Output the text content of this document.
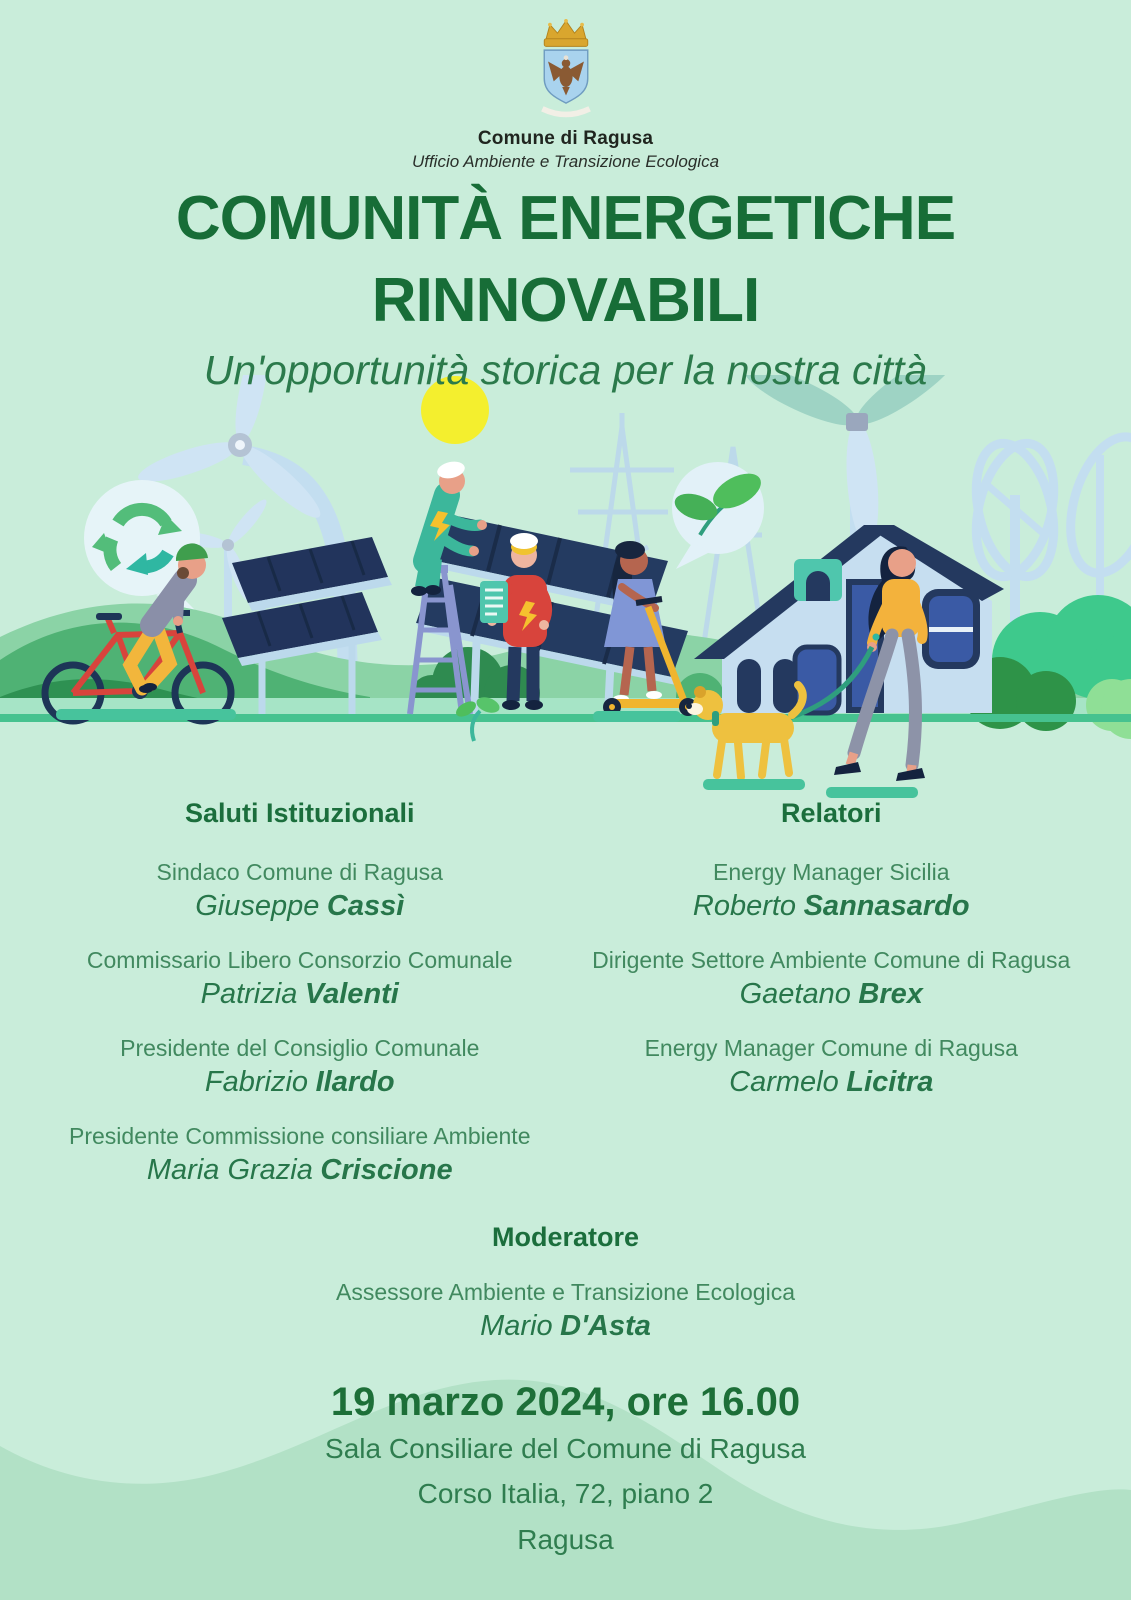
Comune di Ragusa
Ufficio Ambiente e Transizione Ecologica
COMUNITÀ ENERGETICHE
RINNOVABILI
Un'opportunità storica per la nostra città
Saluti Istituzionali
Sindaco Comune di Ragusa
Giuseppe Cassì
Commissario Libero Consorzio Comunale
Patrizia Valenti
Presidente del Consiglio Comunale
Fabrizio Ilardo
Presidente Commissione consiliare Ambiente
Maria Grazia Criscione
Relatori
Energy Manager Sicilia
Roberto Sannasardo
Dirigente Settore Ambiente Comune di Ragusa
Gaetano Brex
Energy Manager Comune di Ragusa
Carmelo Licitra
Moderatore
Assessore Ambiente e Transizione Ecologica
Mario D'Asta
19 marzo 2024, ore 16.00
Sala Consiliare del Comune di Ragusa
Corso Italia, 72, piano 2
Ragusa
